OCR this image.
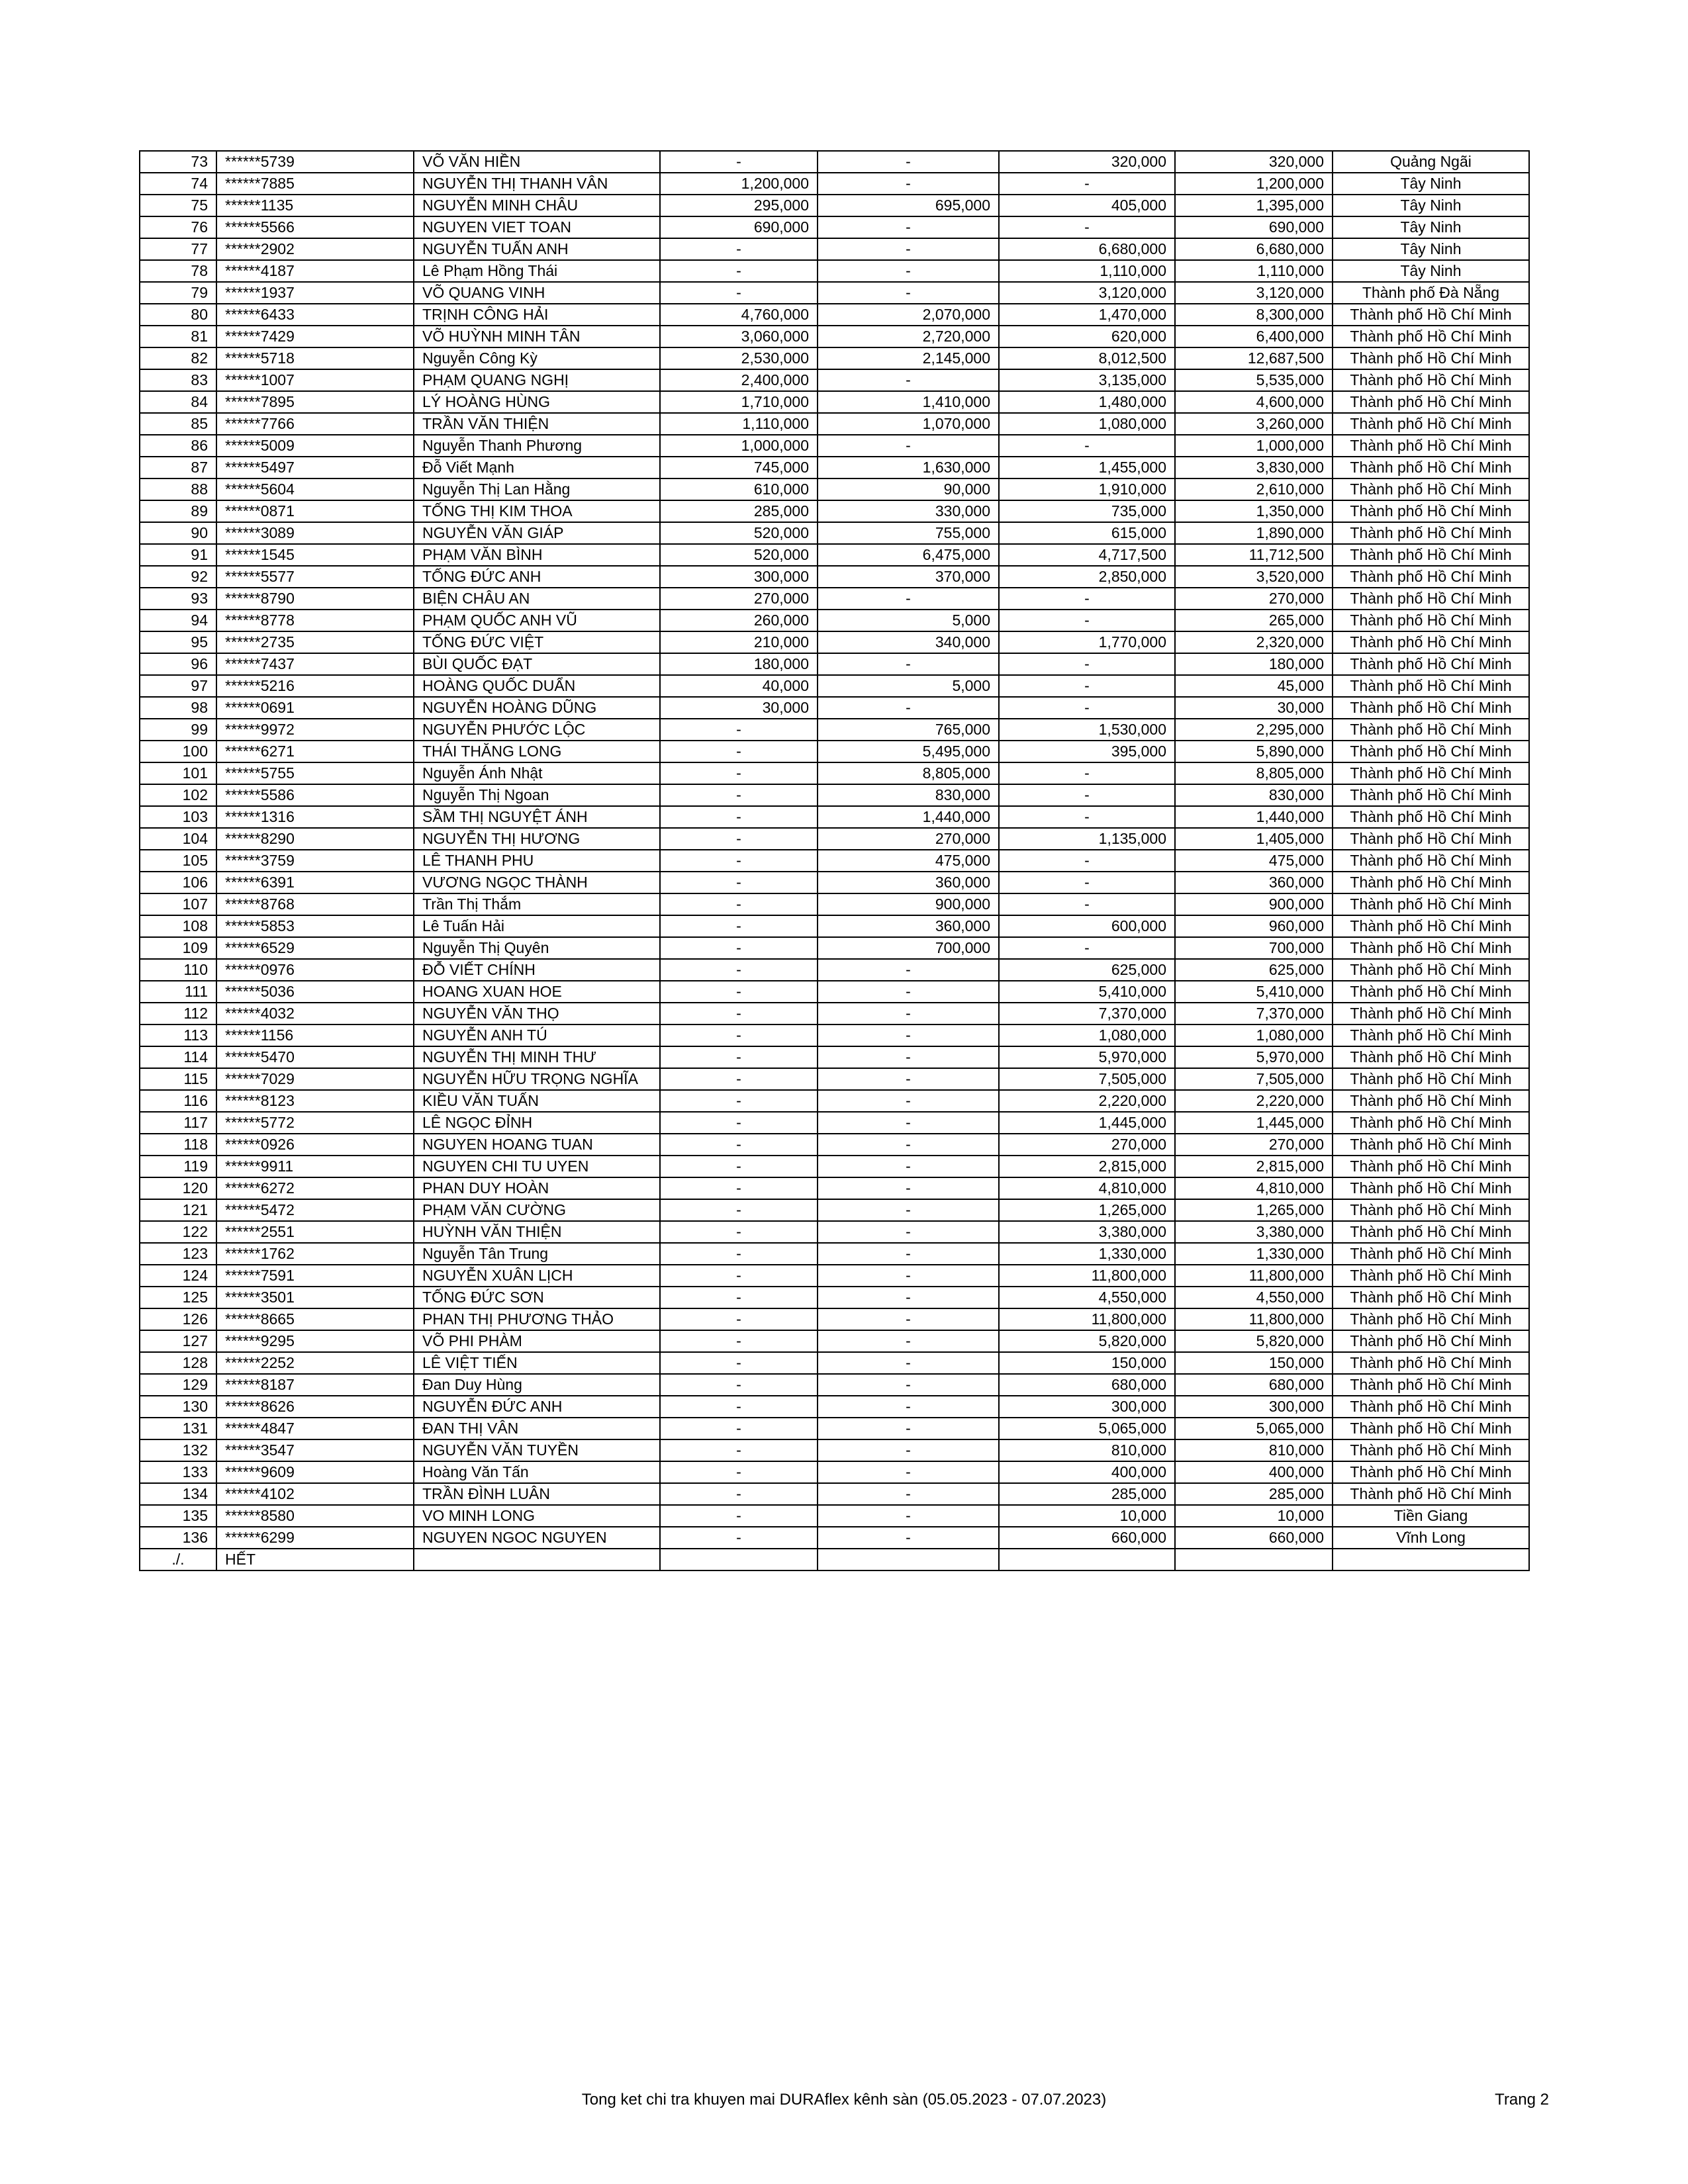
73	******5739	VÕ VĂN HIỀN	-	-	320,000	320,000	Quảng Ngãi
74	******7885	NGUYỄN THỊ THANH VÂN	1,200,000	-	-	1,200,000	Tây Ninh
75	******1135	NGUYỄN MINH CHÂU	295,000	695,000	405,000	1,395,000	Tây Ninh
76	******5566	NGUYEN VIET TOAN	690,000	-	-	690,000	Tây Ninh
77	******2902	NGUYỄN TUẤN ANH	-	-	6,680,000	6,680,000	Tây Ninh
78	******4187	Lê Phạm Hồng Thái	-	-	1,110,000	1,110,000	Tây Ninh
79	******1937	VÕ QUANG VINH	-	-	3,120,000	3,120,000	Thành phố Đà Nẵng
80	******6433	TRỊNH CÔNG HẢI	4,760,000	2,070,000	1,470,000	8,300,000	Thành phố Hồ Chí Minh
81	******7429	VÕ HUỲNH MINH TÂN	3,060,000	2,720,000	620,000	6,400,000	Thành phố Hồ Chí Minh
82	******5718	Nguyễn Công Kỳ	2,530,000	2,145,000	8,012,500	12,687,500	Thành phố Hồ Chí Minh
83	******1007	PHẠM QUANG NGHỊ	2,400,000	-	3,135,000	5,535,000	Thành phố Hồ Chí Minh
84	******7895	LÝ HOÀNG HÙNG	1,710,000	1,410,000	1,480,000	4,600,000	Thành phố Hồ Chí Minh
85	******7766	TRẦN VĂN THIỆN	1,110,000	1,070,000	1,080,000	3,260,000	Thành phố Hồ Chí Minh
86	******5009	Nguyễn Thanh Phương	1,000,000	-	-	1,000,000	Thành phố Hồ Chí Minh
87	******5497	Đỗ Viết Mạnh	745,000	1,630,000	1,455,000	3,830,000	Thành phố Hồ Chí Minh
88	******5604	Nguyễn Thị Lan Hằng	610,000	90,000	1,910,000	2,610,000	Thành phố Hồ Chí Minh
89	******0871	TỐNG THỊ KIM THOA	285,000	330,000	735,000	1,350,000	Thành phố Hồ Chí Minh
90	******3089	NGUYỄN VĂN GIÁP	520,000	755,000	615,000	1,890,000	Thành phố Hồ Chí Minh
91	******1545	PHẠM VĂN BÌNH	520,000	6,475,000	4,717,500	11,712,500	Thành phố Hồ Chí Minh
92	******5577	TỐNG ĐỨC ANH	300,000	370,000	2,850,000	3,520,000	Thành phố Hồ Chí Minh
93	******8790	BIỆN CHÂU AN	270,000	-	-	270,000	Thành phố Hồ Chí Minh
94	******8778	PHẠM QUỐC ANH VŨ	260,000	5,000	-	265,000	Thành phố Hồ Chí Minh
95	******2735	TỐNG ĐỨC VIỆT	210,000	340,000	1,770,000	2,320,000	Thành phố Hồ Chí Minh
96	******7437	BÙI QUỐC ĐẠT	180,000	-	-	180,000	Thành phố Hồ Chí Minh
97	******5216	HOÀNG QUỐC DUẨN	40,000	5,000	-	45,000	Thành phố Hồ Chí Minh
98	******0691	NGUYỄN HOÀNG DŨNG	30,000	-	-	30,000	Thành phố Hồ Chí Minh
99	******9972	NGUYỄN PHƯỚC LỘC	-	765,000	1,530,000	2,295,000	Thành phố Hồ Chí Minh
100	******6271	THÁI THĂNG LONG	-	5,495,000	395,000	5,890,000	Thành phố Hồ Chí Minh
101	******5755	Nguyễn Ánh Nhật	-	8,805,000	-	8,805,000	Thành phố Hồ Chí Minh
102	******5586	Nguyễn Thị Ngoan	-	830,000	-	830,000	Thành phố Hồ Chí Minh
103	******1316	SẦM THỊ NGUYỆT ÁNH	-	1,440,000	-	1,440,000	Thành phố Hồ Chí Minh
104	******8290	NGUYỄN THỊ HƯƠNG	-	270,000	1,135,000	1,405,000	Thành phố Hồ Chí Minh
105	******3759	LÊ THANH PHU	-	475,000	-	475,000	Thành phố Hồ Chí Minh
106	******6391	VƯƠNG NGỌC THÀNH	-	360,000	-	360,000	Thành phố Hồ Chí Minh
107	******8768	Trần Thị Thắm	-	900,000	-	900,000	Thành phố Hồ Chí Minh
108	******5853	Lê Tuấn Hải	-	360,000	600,000	960,000	Thành phố Hồ Chí Minh
109	******6529	Nguyễn Thị Quyên	-	700,000	-	700,000	Thành phố Hồ Chí Minh
110	******0976	ĐỖ VIẾT CHÍNH	-	-	625,000	625,000	Thành phố Hồ Chí Minh
111	******5036	HOANG XUAN HOE	-	-	5,410,000	5,410,000	Thành phố Hồ Chí Minh
112	******4032	NGUYỄN VĂN THỌ	-	-	7,370,000	7,370,000	Thành phố Hồ Chí Minh
113	******1156	NGUYỄN ANH TÚ	-	-	1,080,000	1,080,000	Thành phố Hồ Chí Minh
114	******5470	NGUYỄN THỊ MINH THƯ	-	-	5,970,000	5,970,000	Thành phố Hồ Chí Minh
115	******7029	NGUYỄN HỮU TRỌNG NGHĨA	-	-	7,505,000	7,505,000	Thành phố Hồ Chí Minh
116	******8123	KIỀU VĂN TUẤN	-	-	2,220,000	2,220,000	Thành phố Hồ Chí Minh
117	******5772	LÊ NGỌC ĐỈNH	-	-	1,445,000	1,445,000	Thành phố Hồ Chí Minh
118	******0926	NGUYEN HOANG TUAN	-	-	270,000	270,000	Thành phố Hồ Chí Minh
119	******9911	NGUYEN CHI TU UYEN	-	-	2,815,000	2,815,000	Thành phố Hồ Chí Minh
120	******6272	PHAN DUY HOÀN	-	-	4,810,000	4,810,000	Thành phố Hồ Chí Minh
121	******5472	PHẠM VĂN CƯỜNG	-	-	1,265,000	1,265,000	Thành phố Hồ Chí Minh
122	******2551	HUỲNH VĂN THIỆN	-	-	3,380,000	3,380,000	Thành phố Hồ Chí Minh
123	******1762	Nguyễn Tân Trung	-	-	1,330,000	1,330,000	Thành phố Hồ Chí Minh
124	******7591	NGUYỄN XUÂN LỊCH	-	-	11,800,000	11,800,000	Thành phố Hồ Chí Minh
125	******3501	TỐNG ĐỨC SƠN	-	-	4,550,000	4,550,000	Thành phố Hồ Chí Minh
126	******8665	PHAN THỊ PHƯƠNG THẢO	-	-	11,800,000	11,800,000	Thành phố Hồ Chí Minh
127	******9295	VÕ PHI PHÀM	-	-	5,820,000	5,820,000	Thành phố Hồ Chí Minh
128	******2252	LÊ VIỆT TIẾN	-	-	150,000	150,000	Thành phố Hồ Chí Minh
129	******8187	Đan Duy Hùng	-	-	680,000	680,000	Thành phố Hồ Chí Minh
130	******8626	NGUYỄN ĐỨC ANH	-	-	300,000	300,000	Thành phố Hồ Chí Minh
131	******4847	ĐAN THỊ VÂN	-	-	5,065,000	5,065,000	Thành phố Hồ Chí Minh
132	******3547	NGUYỄN VĂN TUYỀN	-	-	810,000	810,000	Thành phố Hồ Chí Minh
133	******9609	Hoàng Văn Tấn	-	-	400,000	400,000	Thành phố Hồ Chí Minh
134	******4102	TRẦN ĐÌNH LUÂN	-	-	285,000	285,000	Thành phố Hồ Chí Minh
135	******8580	VO MINH LONG	-	-	10,000	10,000	Tiền Giang
136	******6299	NGUYEN NGOC NGUYEN	-	-	660,000	660,000	Vĩnh Long
./.	HẾT						
Tong ket chi tra khuyen mai DURAflex kênh sàn (05.05.2023 - 07.07.2023)	Trang 2
